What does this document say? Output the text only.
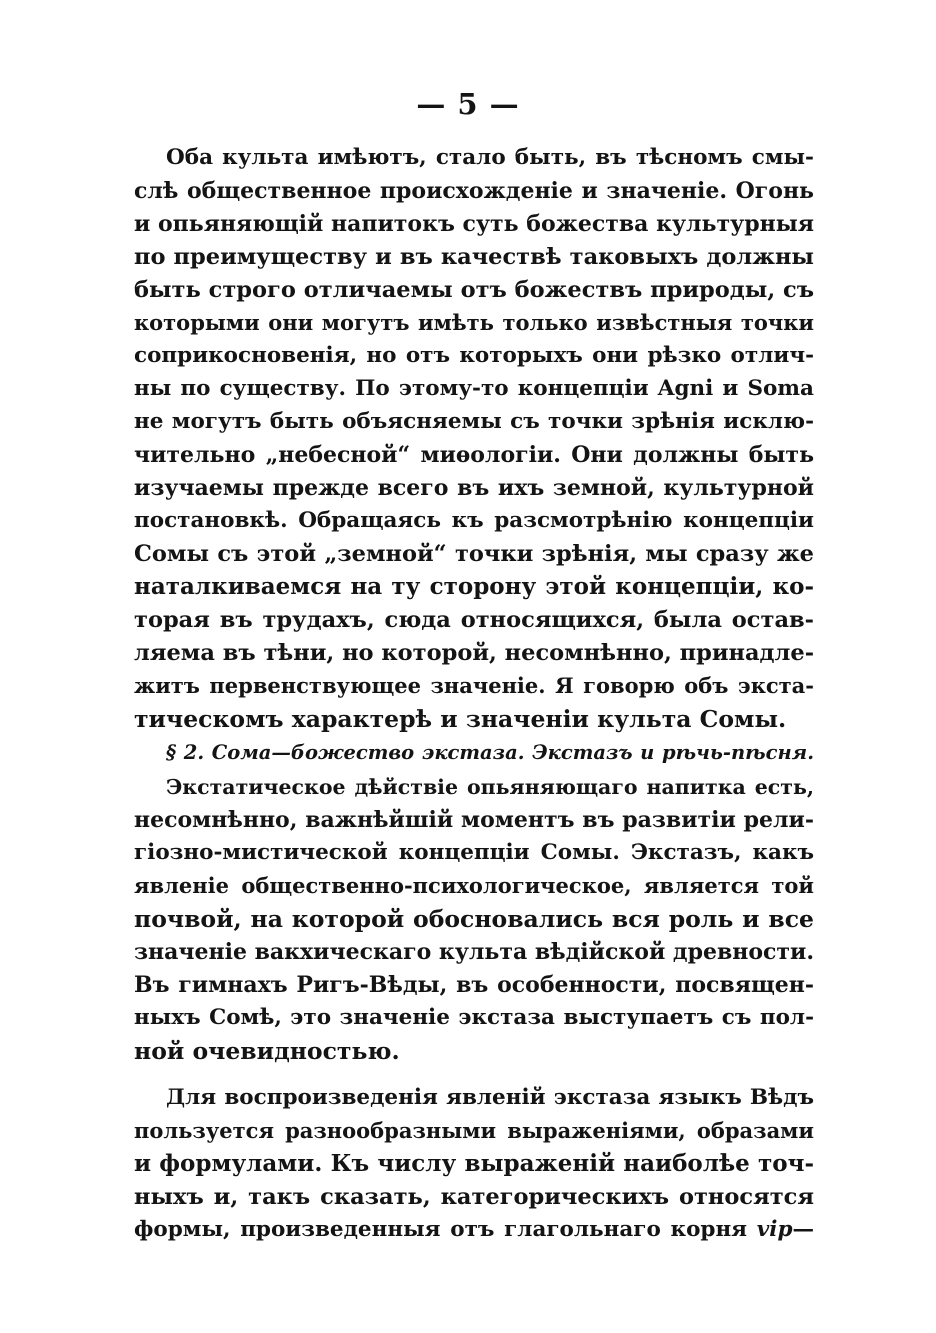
— 5 —
Оба культа имѣютъ, стало быть, въ тѣсномъ смы-
слѣ общественное происхожденіе и значеніе. Огонь
и опьяняющій напитокъ суть божества культурныя
по преимуществу и въ качествѣ таковыхъ должны
быть строго отличаемы отъ божествъ природы, съ
которыми они могутъ имѣть только извѣстныя точки
соприкосновенія, но отъ которыхъ они рѣзко отлич-
ны по существу. По этому-то концепціи Agni и Soma
не могутъ быть объясняемы съ точки зрѣнія исклю-
чительно „небесной“ миѳологіи. Они должны быть
изучаемы прежде всего въ ихъ земной, культурной
постановкѣ. Обращаясь къ разсмотрѣнію концепціи
Сомы съ этой „земной“ точки зрѣнія, мы сразу же
наталкиваемся на ту сторону этой концепціи, ко-
торая въ трудахъ, сюда относящихся, была остав-
ляема въ тѣни, но которой, несомнѣнно, принадле-
житъ первенствующее значеніе. Я говорю объ экста-
тическомъ характерѣ и значеніи культа Сомы.
§ 2. Сома—божество экстаза. Экстазъ и рѣчь-пѣсня.
Экстатическое дѣйствіе опьяняющаго напитка есть,
несомнѣнно, важнѣйшій моментъ въ развитіи рели-
гіозно-мистической концепціи Сомы. Экстазъ, какъ
явленіе общественно-психологическое, является той
почвой, на которой обосновались вся роль и все
значеніе вакхическаго культа вѣдійской древности.
Въ гимнахъ Ригъ-Вѣды, въ особенности, посвящен-
ныхъ Сомѣ, это значеніе экстаза выступаетъ съ пол-
ной очевидностью.
Для воспроизведенія явленій экстаза языкъ Вѣдъ
пользуется разнообразными выраженіями, образами
и формулами. Къ числу выраженій наиболѣе точ-
ныхъ и, такъ сказать, категорическихъ относятся
формы, произведенныя отъ глагольнаго корня vip—
